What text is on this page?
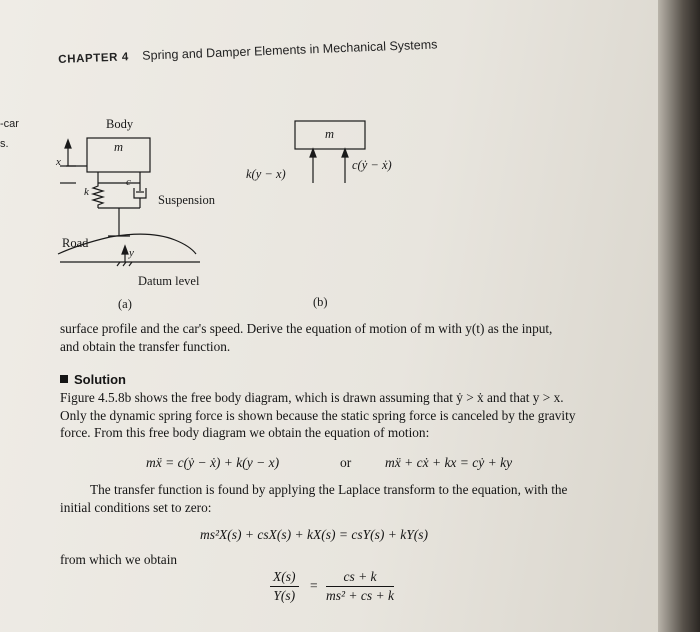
-car
s.
CHAPTER 4 Spring and Damper Elements in Mechanical Systems
Body
m
x
k
c
Suspension
Road
y
Datum level
(a)
m
k(y − x)
c(ẏ − ẋ)
(b)
surface profile and the car's speed. Derive the equation of motion of m with y(t) as the input,
and obtain the transfer function.
Solution
Figure 4.5.8b shows the free body diagram, which is drawn assuming that ẏ > ẋ and that y > x.
Only the dynamic spring force is shown because the static spring force is canceled by the gravity
force. From this free body diagram we obtain the equation of motion:
mẍ = c(ẏ − ẋ) + k(y − x)	or	mẍ + cẋ + kx = cẏ + ky
The transfer function is found by applying the Laplace transform to the equation, with the
initial conditions set to zero:
ms²X(s) + csX(s) + kX(s) = csY(s) + kY(s)
from which we obtain
$\frac{X(s)}{Y(s)} = \frac{cs + k}{\text{ms² + cs + k}}$
